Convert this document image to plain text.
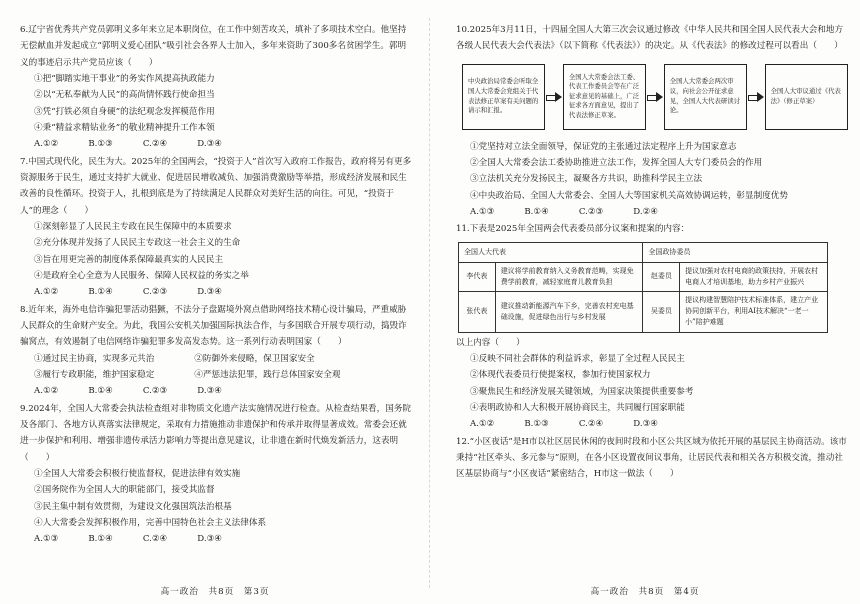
6.辽宁省优秀共产党员郭明义多年来立足本职岗位，在工作中刻苦攻关，填补了多项技术空白。他坚持无偿献血并发起成立“郭明义爱心团队”吸引社会各界人士加入，多年来资助了300多名贫困学生。郭明义的事迹启示共产党员应该（　　）
①把“脚踏实地干事业”的务实作风提高执政能力
②以“无私奉献为人民”的高尚情怀践行使命担当
③凭“打铁必须自身硬”的法纪观念发挥模范作用
④秉“精益求精钻业务”的敬业精神提升工作本领
A.①②	B.①③	C.②④	D.③④
7.中国式现代化，民生为大。2025年的全国两会，“投资于人”首次写入政府工作报告，政府将另有更多资源服务于民生，通过支持扩大就业、促进居民增收减负、加强消费激励等举措，形成经济发展和民生改善的良性循环。投资于人，扎根到底是为了持续满足人民群众对美好生活的向往。可见，“投资于人”的理念（　　）
①深刻彰显了人民民主专政在民生保障中的本质要求
②充分体现并发扬了人民民主专政这一社会主义的生命
③旨在用更完善的制度体系保障最真实的人民民主
④是政府全心全意为人民服务、保障人民权益的务实之举
A.①②	B.①④	C.②③	D.③④
8.近年来，海外电信诈骗犯罪活动猖獗，不法分子盘踞境外窝点借助网络技术精心设计骗局，严重威胁人民群众的生命财产安全。为此，我国公安机关加强国际执法合作，与多国联合开展专项行动，捣毁诈骗窝点，有效遏制了电信网络诈骗犯罪多发高发态势。这一系列行动表明国家（　　）
①通过民主协商，实现多元共治	②防御外来侵略，保卫国家安全
③履行专政职能，维护国家稳定	④严惩违法犯罪，践行总体国家安全观
A.①②	B.①④	C.②③	D.③④
9.2024年，全国人大常委会执法检查组对非物质文化遗产法实施情况进行检查。从检查结果看，国务院及各部门、各地方认真落实法律规定，采取有力措施推动非遗保护和传承并取得显著成效。常委会还就进一步保护和利用、增强非遗传承活力影响力等提出意见建议，让非遗在新时代焕发新活力，这表明（　　）
①全国人大常委会积极行使监督权，促进法律有效实施
②国务院作为全国人大的职能部门，接受其监督
③民主集中制有效贯彻，为建设文化强国筑法治根基
④人大常委会发挥积极作用，完善中国特色社会主义法律体系
A.①③	B.①④	C.②④	D.③④
高一政治　共8页　第3页
10.2025年3月11日，十四届全国人大第三次会议通过修改《中华人民共和国全国人民代表大会和地方各级人民代表大会代表法》（以下简称《代表法》）的决定。从《代表法》的修改过程可以看出（　　）
中央政治局常委会听取全国人大常委会党组关于代表法修正草案有关问题的请示和汇报。
全国人大常委会法工委、代表工作委员会等在广泛征求意见的基础上，广泛征求各方面意见，提出了代表法修正草案。
全国人大常委会两次审议，向社会公开征求意见，全国人大代表研读讨论。
全国人大审议通过《代表法》（修正草案）
①党坚持对立法全面领导，保证党的主张通过法定程序上升为国家意志
②全国人大常委会法工委协助推进立法工作，发挥全国人大专门委员会的作用
③立法机关充分发扬民主，凝聚各方共识，助推科学民主立法
④中央政治局、全国人大常委会、全国人大等国家机关高效协调运转，彰显制度优势
A.①③	B.①④	C.②③	D.②④
11.下表是2025年全国两会代表委员部分议案和提案的内容：
全国人大代表		全国政协委员	
李代表	建议将学前教育纳入义务教育范畴，实现免费学前教育，减轻家庭育儿教育负担	赵委员	提议加强对农村电商的政策扶持，开展农村电商人才培训基地，助力乡村产业振兴
张代表	建议推动新能源汽车下乡，完善农村充电基础设施，促进绿色出行与乡村发展	吴委员	提议构建智慧陪护技术标准体系，建立产业协同创新平台，利用AI技术解决“一老一小”陪护难题
以上内容（　　）
①反映不同社会群体的利益诉求，彰显了全过程人民民主
②体现代表委员行使提案权，参加行使国家权力
③聚焦民生和经济发展关键领域，为国家决策提供重要参考
④表明政协和人大积极开展协商民主，共同履行国家职能
A.①②	B.①③	C.②④	D.③④
12.“小区夜话”是H市以社区居民休闲的夜间时段和小区公共区域为依托开展的基层民主协商活动。该市秉持“社区牵头、多元参与”原则，在各小区设置夜间议事角，让居民代表和相关各方积极交流，推动社区基层协商与“小区夜话”紧密结合，H市这一做法（　　）
高一政治　共8页　第4页
